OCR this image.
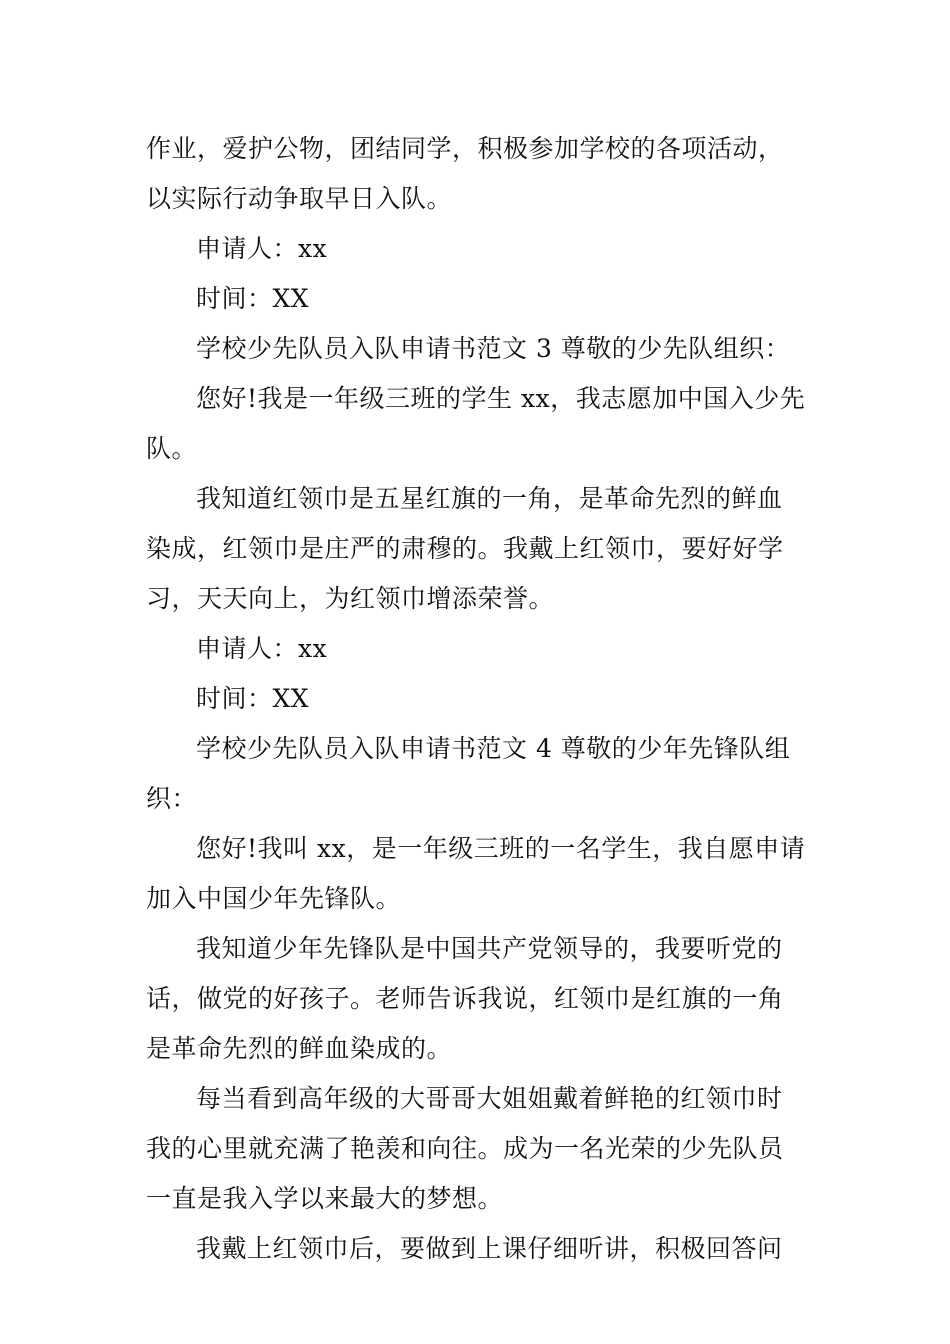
作业，爱护公物，团结同学，积极参加学校的各项活动，

以实际行动争取早日入队。

申请人：xx

时间：XX

学校少先队员入队申请书范文 3 尊敬的少先队组织：

您好!我是一年级三班的学生 xx，我志愿加中国入少先

队。

我知道红领巾是五星红旗的一角，是革命先烈的鲜血

染成，红领巾是庄严的肃穆的。我戴上红领巾，要好好学

习，天天向上，为红领巾增添荣誉。

申请人：xx

时间：XX

学校少先队员入队申请书范文 4 尊敬的少年先锋队组织：

您好!我叫 xx，是一年级三班的一名学生，我自愿申请

加入中国少年先锋队。

我知道少年先锋队是中国共产党领导的，我要听党的

话，做党的好孩子。老师告诉我说，红领巾是红旗的一角

是革命先烈的鲜血染成的。

每当看到高年级的大哥哥大姐姐戴着鲜艳的红领巾时

我的心里就充满了艳羡和向往。成为一名光荣的少先队员

一直是我入学以来最大的梦想。

我戴上红领巾后，要做到上课仔细听讲，积极回答问
